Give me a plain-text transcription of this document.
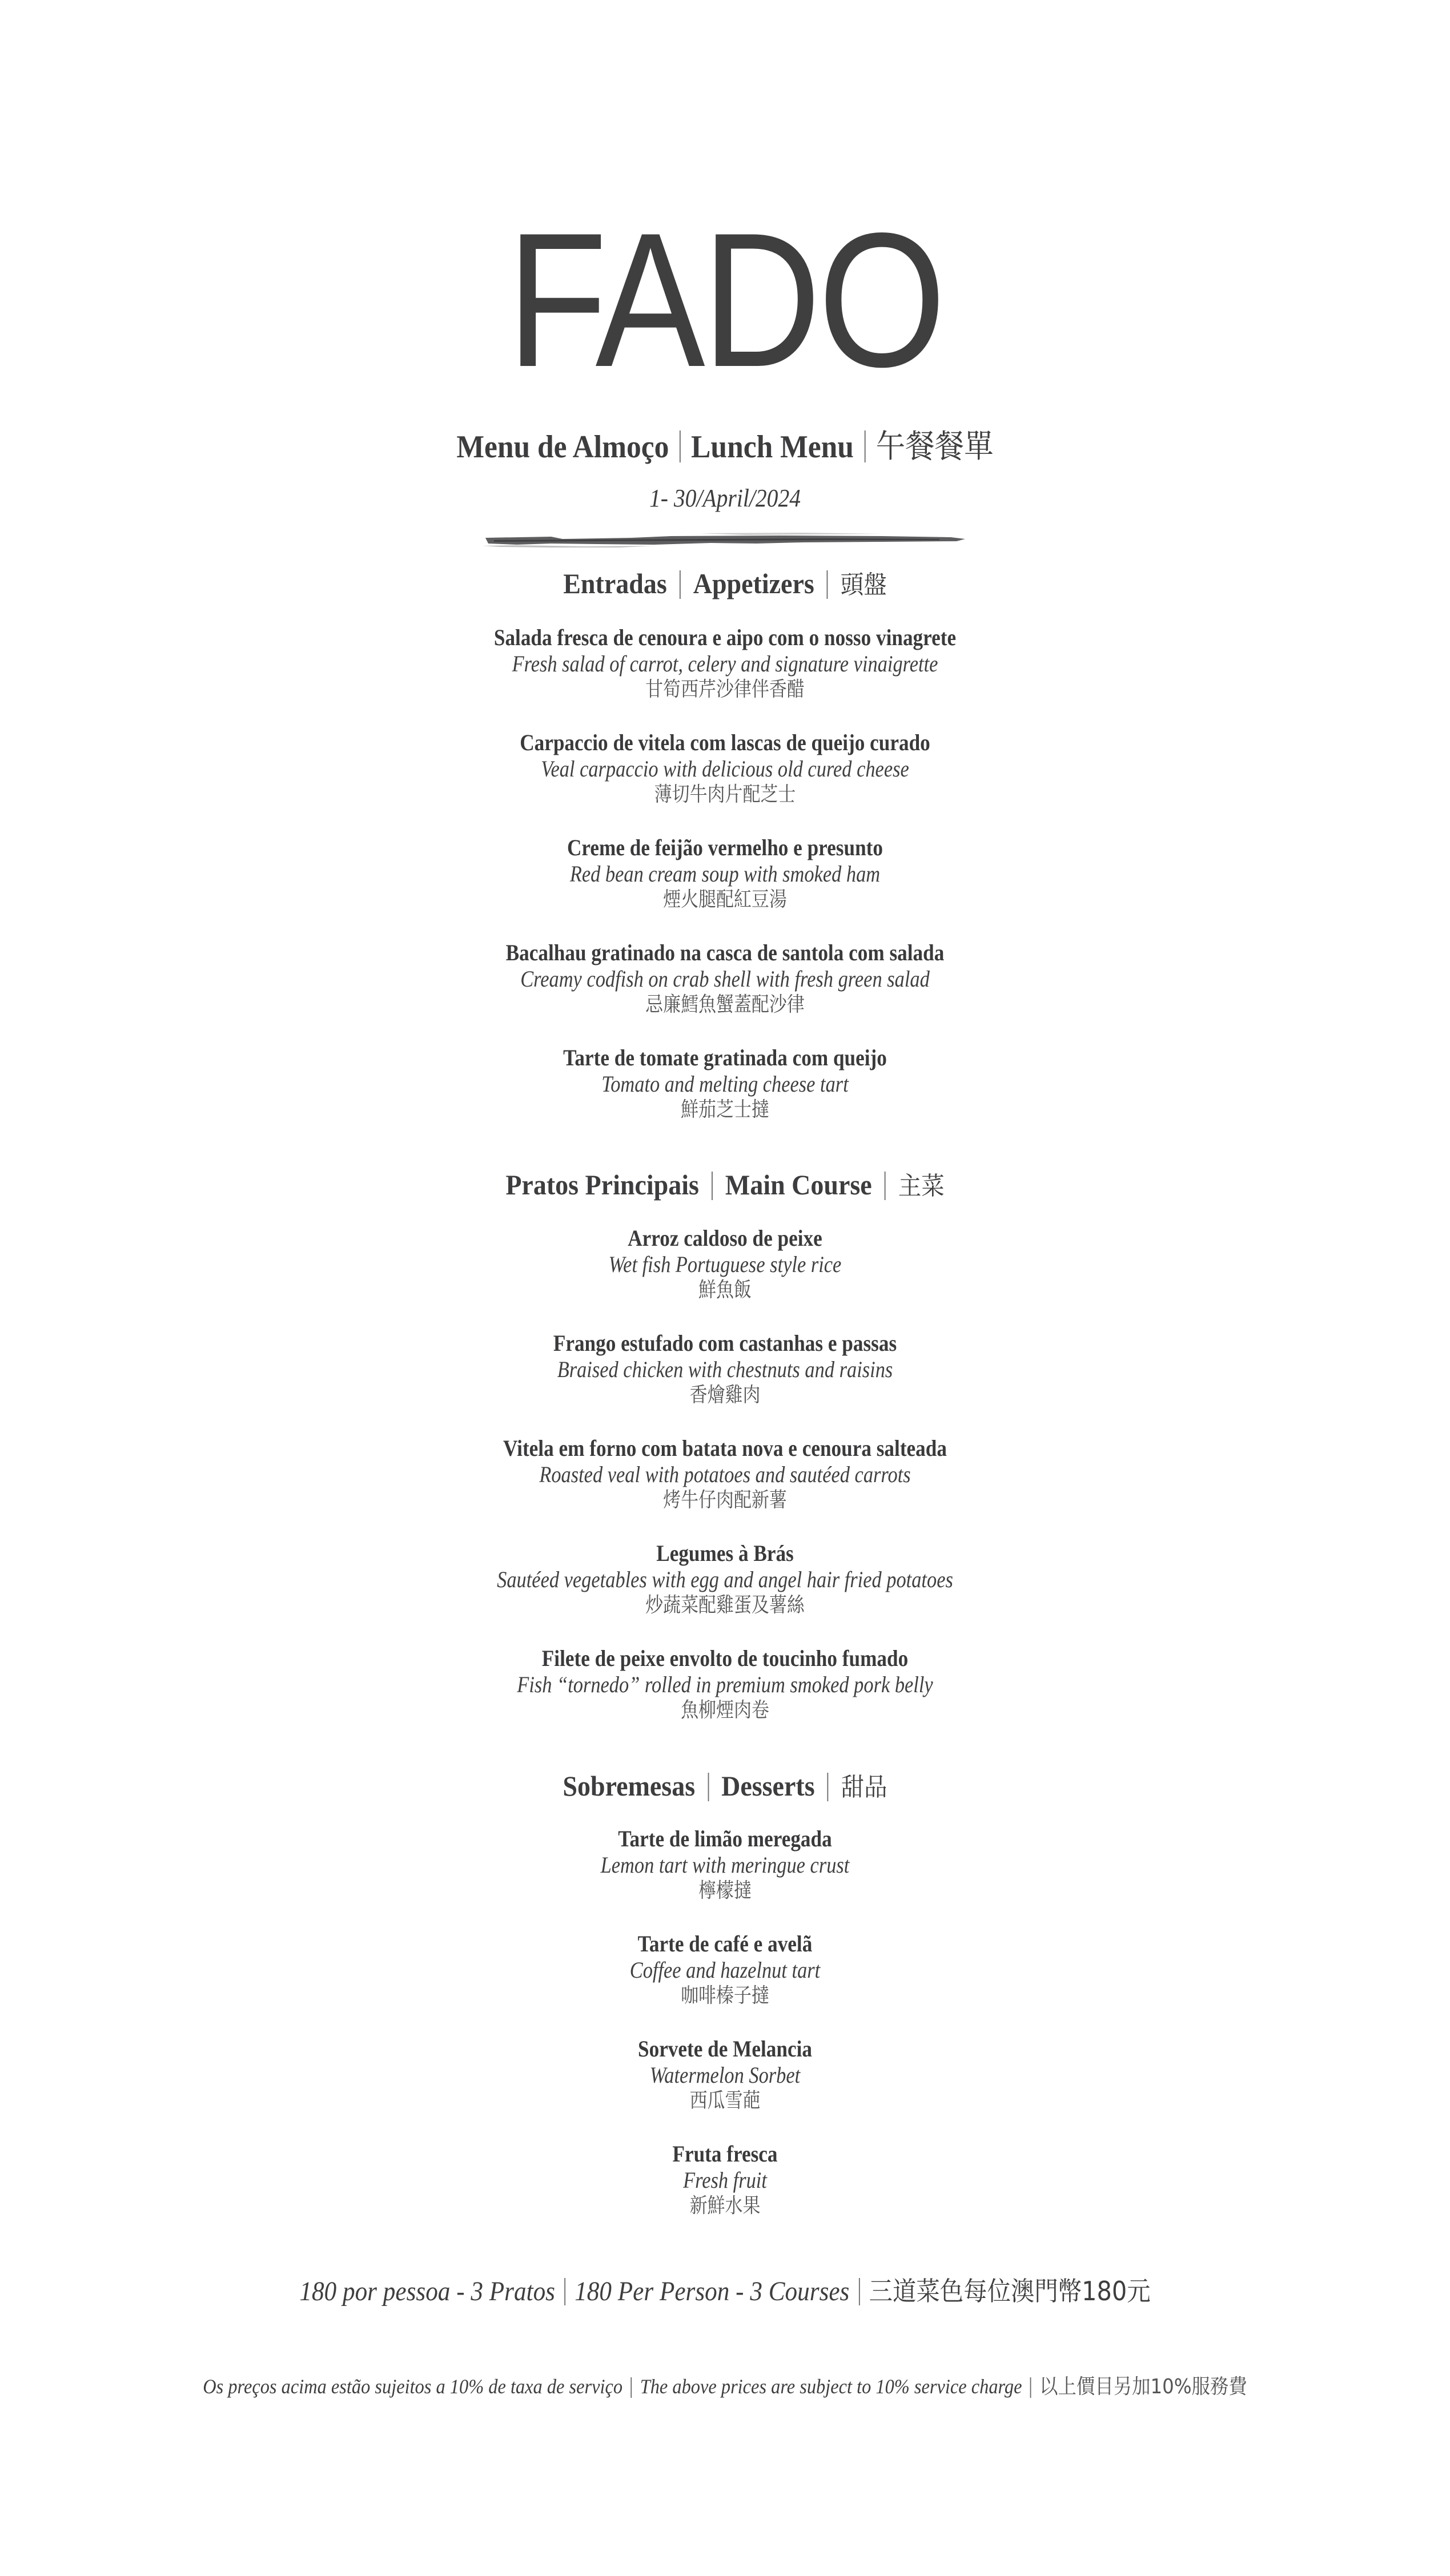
FADO
Menu de Almoço Lunch Menu 午餐餐單
1- 30/April/2024
Entradas Appetizers 頭盤
Salada fresca de cenoura e aipo com o nosso vinagrete
Fresh salad of carrot, celery and signature vinaigrette
甘筍西芹沙律伴香醋
Carpaccio de vitela com lascas de queijo curado
Veal carpaccio with delicious old cured cheese
薄切牛肉片配芝士
Creme de feijão vermelho e presunto
Red bean cream soup with smoked ham
煙火腿配紅豆湯
Bacalhau gratinado na casca de santola com salada
Creamy codfish on crab shell with fresh green salad
忌廉鱈魚蟹蓋配沙律
Tarte de tomate gratinada com queijo
Tomato and melting cheese tart
鮮茄芝士撻
Pratos Principais Main Course 主菜
Arroz caldoso de peixe
Wet fish Portuguese style rice
鮮魚飯
Frango estufado com castanhas e passas
Braised chicken with chestnuts and raisins
香燴雞肉
Vitela em forno com batata nova e cenoura salteada
Roasted veal with potatoes and sautéed carrots
烤牛仔肉配新薯
Legumes à Brás
Sautéed vegetables with egg and angel hair fried potatoes
炒蔬菜配雞蛋及薯絲
Filete de peixe envolto de toucinho fumado
Fish “tornedo” rolled in premium smoked pork belly
魚柳煙肉卷
Sobremesas Desserts 甜品
Tarte de limão meregada
Lemon tart with meringue crust
檸檬撻
Tarte de café e avelã
Coffee and hazelnut tart
咖啡榛子撻
Sorvete de Melancia
Watermelon Sorbet
西瓜雪葩
Fruta fresca
Fresh fruit
新鮮水果
180 por pessoa - 3 Pratos 180 Per Person - 3 Courses 三道菜色每位澳門幣180元
Os preços acima estão sujeitos a 10% de taxa de serviço The above prices are subject to 10% service charge 以上價目另加10%服務費
